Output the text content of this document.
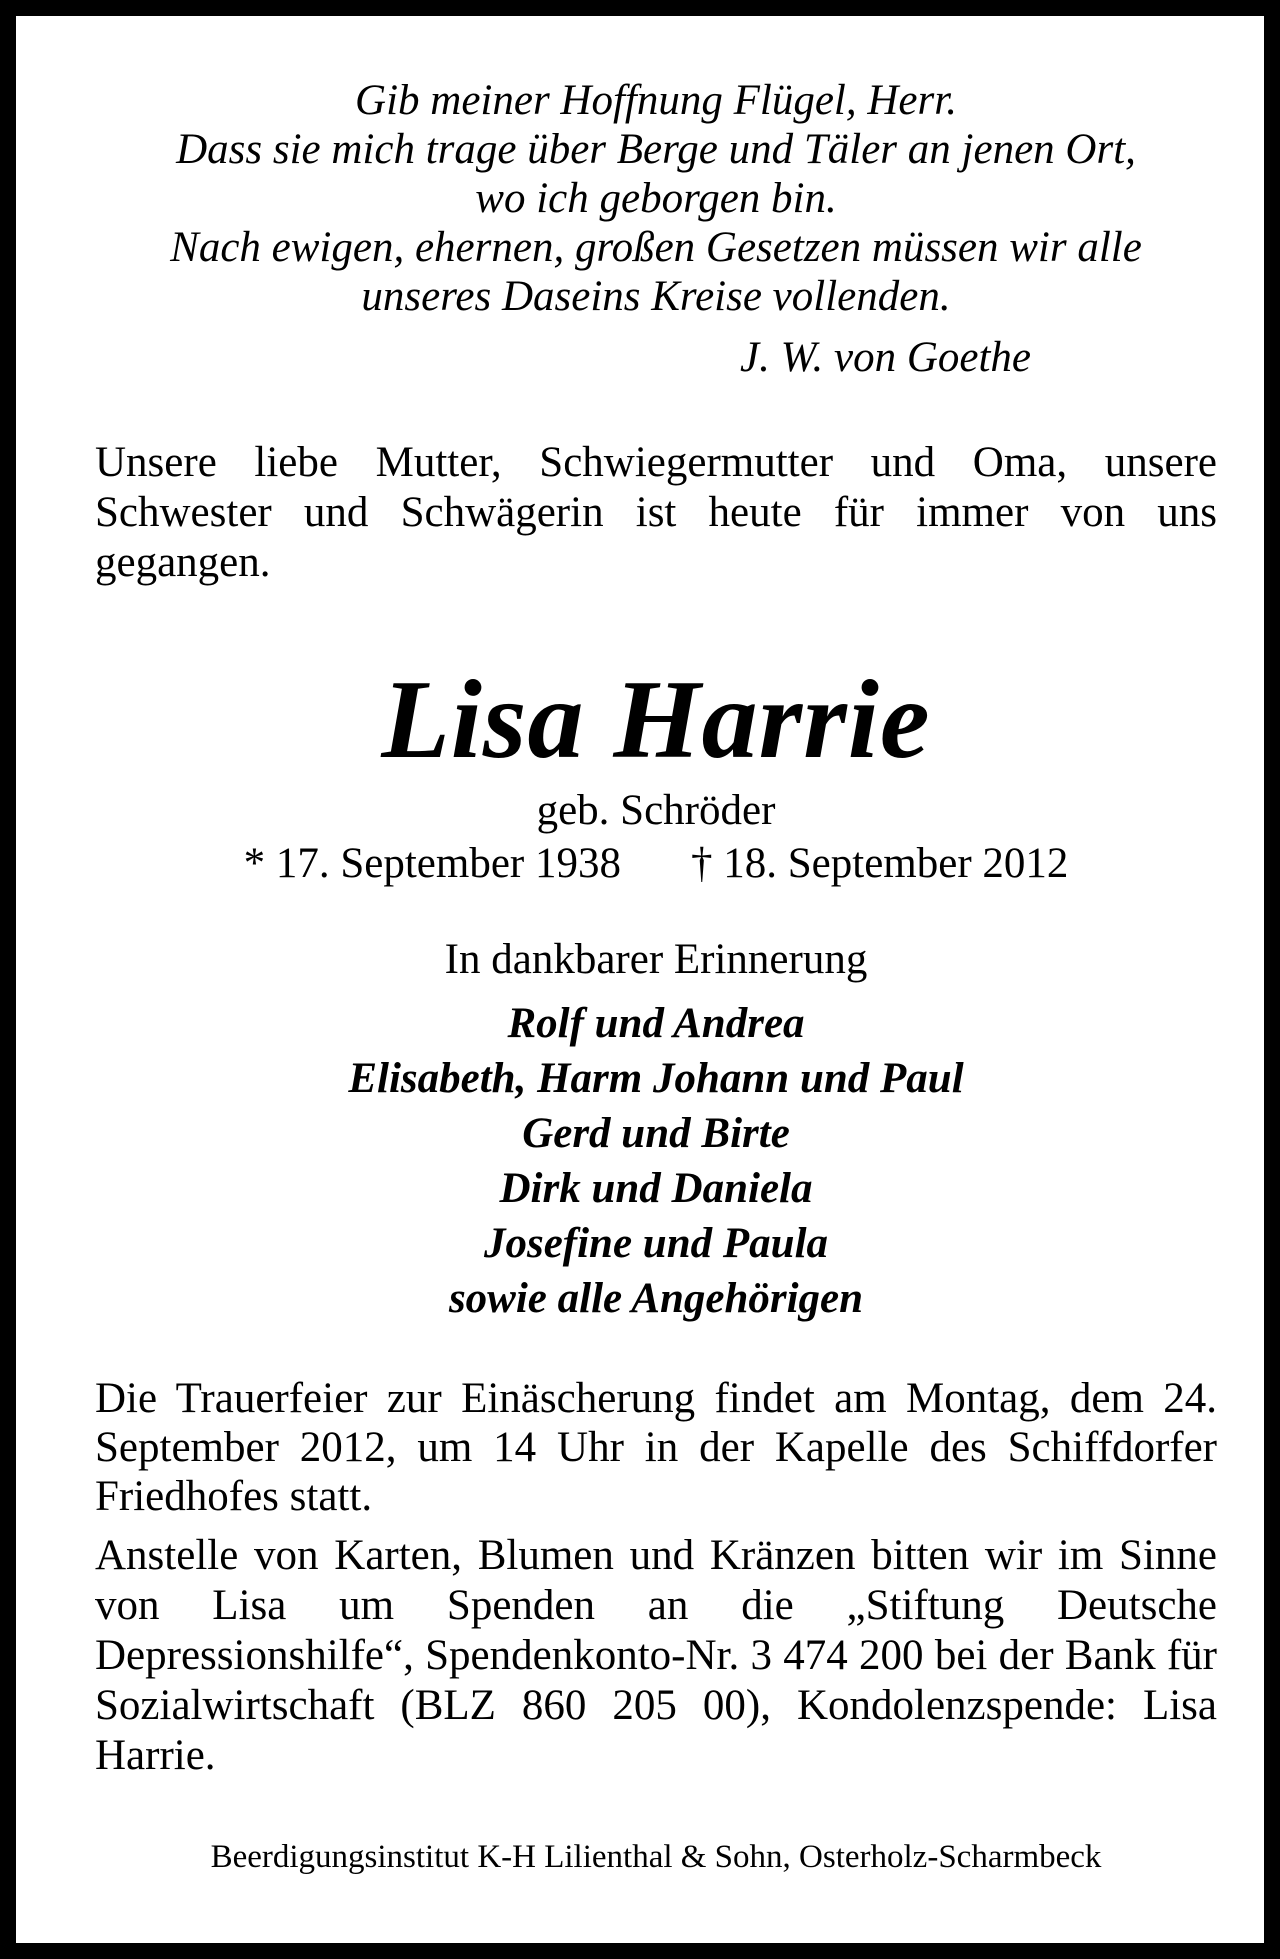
Gib meiner Hoffnung Flügel, Herr.
Dass sie mich trage über Berge und Täler an jenen Ort,
wo ich geborgen bin.
Nach ewigen, ehernen, großen Gesetzen müssen wir alle
unseres Daseins Kreise vollenden.
J. W. von Goethe
Unsere liebe Mutter, Schwiegermutter und Oma, unsere Schwester und Schwägerin ist heute für immer von uns gegangen.
Lisa Harrie
geb. Schröder
* 17. September 1938 † 18. September 2012
In dankbarer Erinnerung
Rolf und Andrea
Elisabeth, Harm Johann und Paul
Gerd und Birte
Dirk und Daniela
Josefine und Paula
sowie alle Angehörigen
Die Trauerfeier zur Einäscherung findet am Montag, dem 24. September 2012, um 14 Uhr in der Kapelle des Schiffdorfer Friedhofes statt.
Anstelle von Karten, Blumen und Kränzen bitten wir im Sinne von Lisa um Spenden an die „Stiftung Deutsche Depressionshilfe“, Spendenkonto-Nr. 3 474 200 bei der Bank für Sozialwirtschaft (BLZ 860 205 00), Kondolenzspende: Lisa Harrie.
Beerdigungsinstitut K-H Lilienthal & Sohn, Osterholz-Scharmbeck
